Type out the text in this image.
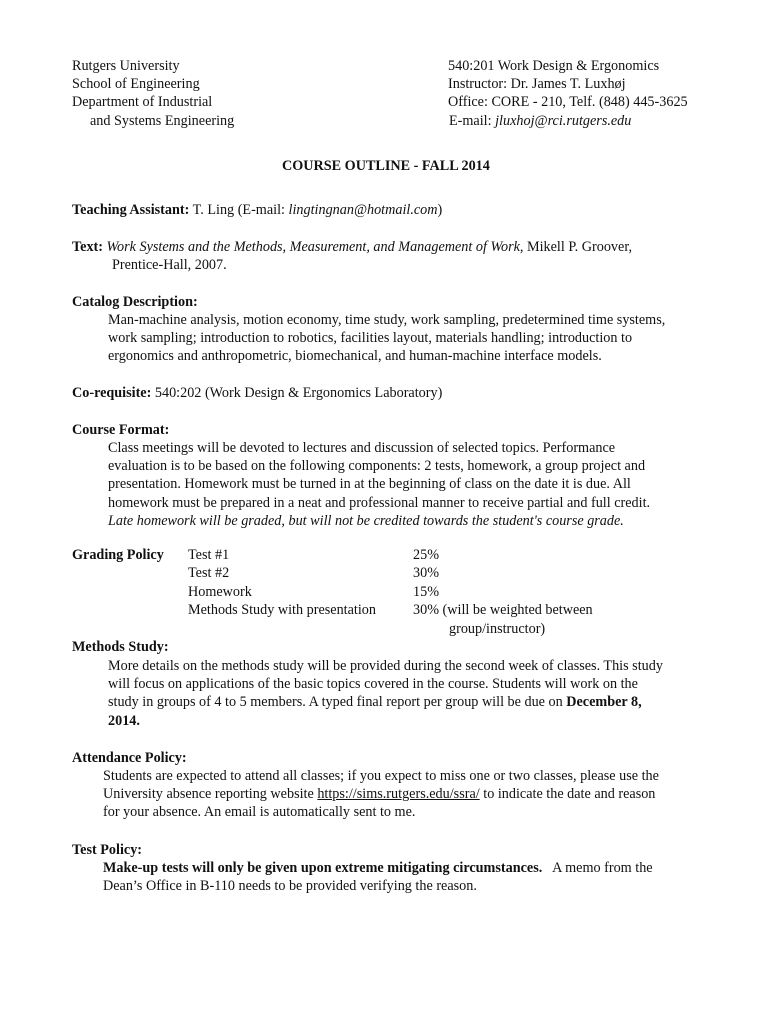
Rutgers University
School of Engineering
Department of Industrial
and Systems Engineering
540:201 Work Design & Ergonomics
Instructor: Dr. James T. Luxhøj
Office: CORE - 210, Telf. (848) 445-3625
E-mail: jluxhoj@rci.rutgers.edu
COURSE OUTLINE - FALL 2014
Teaching Assistant: T. Ling (E-mail: lingtingnan@hotmail.com)
Text: Work Systems and the Methods, Measurement, and Management of Work, Mikell P. Groover,
Prentice-Hall, 2007.
Catalog Description:
Man-machine analysis, motion economy, time study, work sampling, predetermined time systems,
work sampling; introduction to robotics, facilities layout, materials handling; introduction to
ergonomics and anthropometric, biomechanical, and human-machine interface models.
Co-requisite: 540:202 (Work Design & Ergonomics Laboratory)
Course Format:
Class meetings will be devoted to lectures and discussion of selected topics. Performance
evaluation is to be based on the following components: 2 tests, homework, a group project and
presentation. Homework must be turned in at the beginning of class on the date it is due. All
homework must be prepared in a neat and professional manner to receive partial and full credit.
Late homework will be graded, but will not be credited towards the student's course grade.
Grading Policy Test #1	25%
Test #2	30%
Homework	15%
Methods Study with presentation	30% (will be weighted between
group/instructor)
Methods Study:
More details on the methods study will be provided during the second week of classes. This study
will focus on applications of the basic topics covered in the course. Students will work on the
study in groups of 4 to 5 members. A typed final report per group will be due on December 8,
2014.
Attendance Policy:
Students are expected to attend all classes; if you expect to miss one or two classes, please use the
University absence reporting website https://sims.rutgers.edu/ssra/ to indicate the date and reason
for your absence. An email is automatically sent to me.
Test Policy:
Make-up tests will only be given upon extreme mitigating circumstances.   A memo from the
Dean’s Office in B-110 needs to be provided verifying the reason.
